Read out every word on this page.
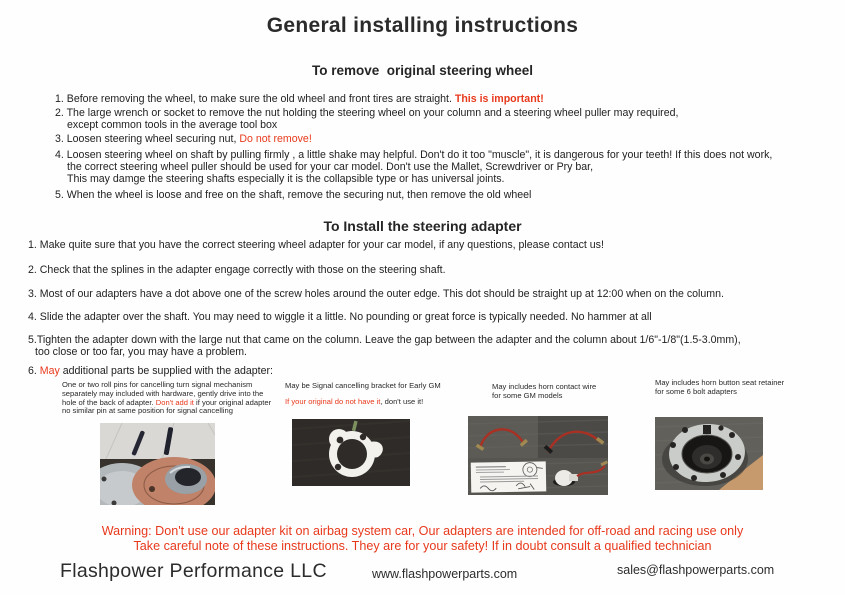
General installing instructions
To remove  original steering wheel
1. Before removing the wheel, to make sure the old wheel and front tires are straight. This is important!
2. The large wrench or socket to remove the nut holding the steering wheel on your column and a steering wheel puller may required,
except common tools in the average tool box
3. Loosen steering wheel securing nut, Do not remove!
4. Loosen steering wheel on shaft by pulling firmly , a little shake may helpful. Don't do it too "muscle", it is dangerous for your teeth! If this does not work,
the correct steering wheel puller should be used for your car model. Don't use the Mallet, Screwdriver or Pry bar,
This may damge the steering shafts especially it is the collapsible type or has universal joints.
5. When the wheel is loose and free on the shaft, remove the securing nut, then remove the old wheel
To Install the steering adapter
1. Make quite sure that you have the correct steering wheel adapter for your car model, if any questions, please contact us!
2. Check that the splines in the adapter engage correctly with those on the steering shaft.
3. Most of our adapters have a dot above one of the screw holes around the outer edge. This dot should be straight up at 12:00 when on the column.
4. Slide the adapter over the shaft. You may need to wiggle it a little. No pounding or great force is typically needed. No hammer at all
5.Tighten the adapter down with the large nut that came on the column. Leave the gap between the adapter and the column about 1/6"-1/8"(1.5-3.0mm),
too close or too far, you may have a problem.
6. May additional parts be supplied with the adapter:
One or two roll pins for cancelling turn signal mechanism separately may included with hardware, gently drive into the hole of the back of adapter. Don't add it if your original adapter no similar pin at same position for signal cancelling
May be Signal cancelling bracket for Early GM
If your original do not have it, don't use it!
May includes horn contact wire
for some GM models
May includes horn button seat retainer
for some 6 bolt adapters
Warning: Don't use our adapter kit on airbag system car, Our adapters are intended for off-road and racing use only
Take careful note of these instructions. They are for your safety! If in doubt consult a qualified technician
Flashpower Performance LLC	www.flashpowerparts.com	sales@flashpowerparts.com
